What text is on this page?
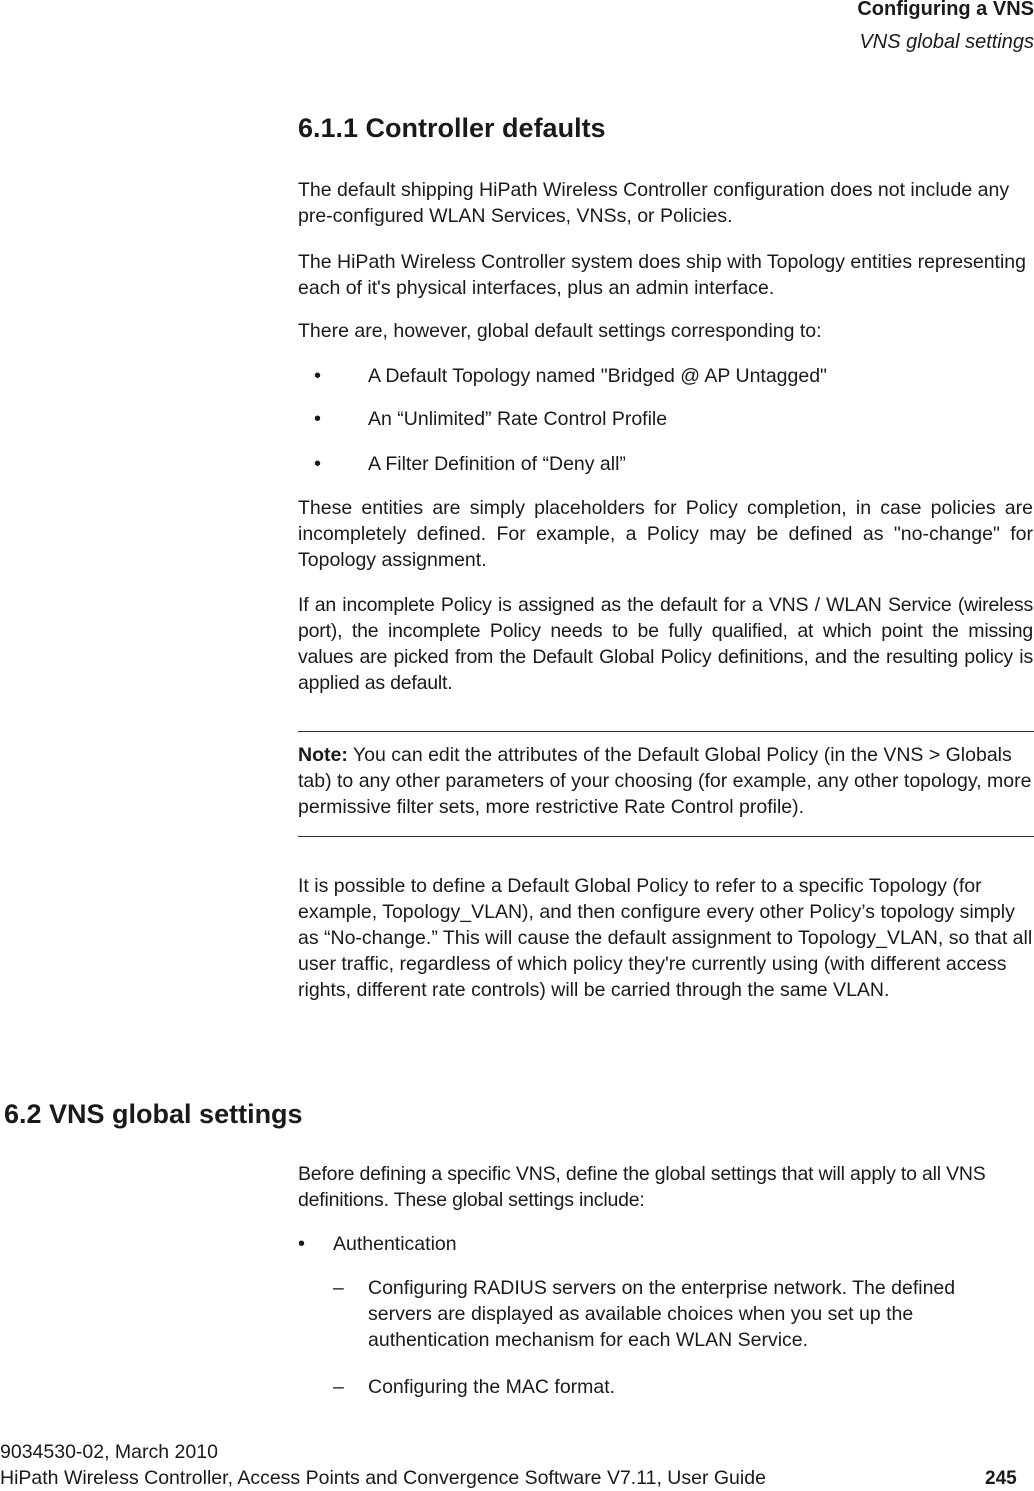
Configuring a VNS
VNS global settings
6.1.1 Controller defaults

The default shipping HiPath Wireless Controller configuration does not include any pre-configured WLAN Services, VNSs, or Policies.

The HiPath Wireless Controller system does ship with Topology entities representing each of it's physical interfaces, plus an admin interface.

There are, however, global default settings corresponding to:

• A Default Topology named "Bridged @ AP Untagged"
• An “Unlimited” Rate Control Profile
• A Filter Definition of “Deny all”

These entities are simply placeholders for Policy completion, in case policies are incompletely defined. For example, a Policy may be defined as "no-change" for Topology assignment.

If an incomplete Policy is assigned as the default for a VNS / WLAN Service (wireless port), the incomplete Policy needs to be fully qualified, at which point the missing values are picked from the Default Global Policy definitions, and the resulting policy is applied as default.

Note: You can edit the attributes of the Default Global Policy (in the VNS > Globals tab) to any other parameters of your choosing (for example, any other topology, more permissive filter sets, more restrictive Rate Control profile).

It is possible to define a Default Global Policy to refer to a specific Topology (for example, Topology_VLAN), and then configure every other Policy’s topology simply as “No-change.” This will cause the default assignment to Topology_VLAN, so that all user traffic, regardless of which policy they're currently using (with different access rights, different rate controls) will be carried through the same VLAN.

6.2 VNS global settings

Before defining a specific VNS, define the global settings that will apply to all VNS definitions. These global settings include:

• Authentication
– Configuring RADIUS servers on the enterprise network. The defined servers are displayed as available choices when you set up the authentication mechanism for each WLAN Service.

– Configuring the MAC format.

9034530-02, March 2010
HiPath Wireless Controller, Access Points and Convergence Software V7.11, User Guide	245
